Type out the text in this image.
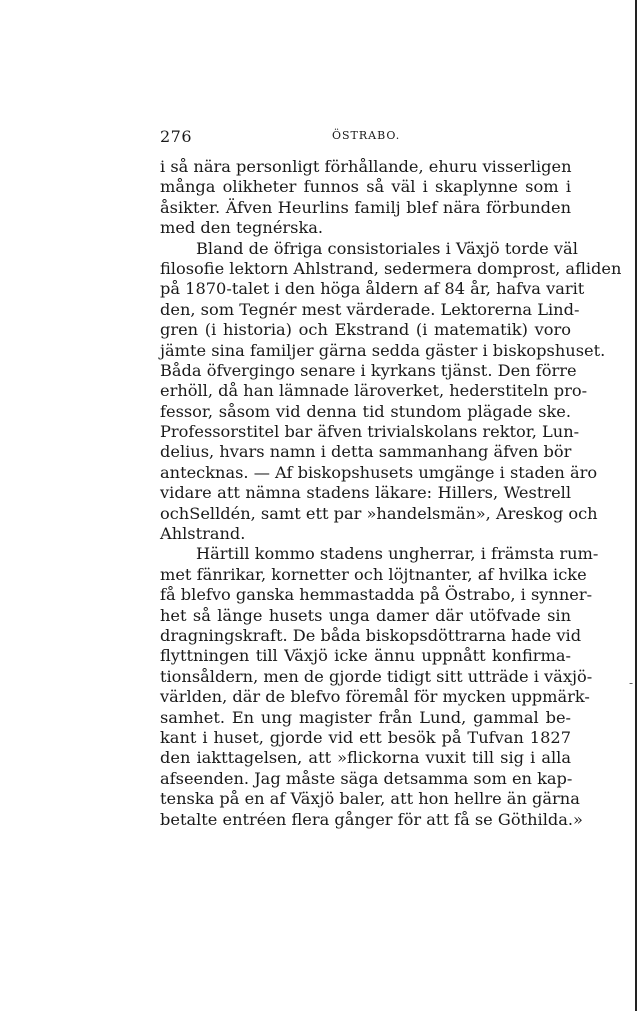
276	ÖSTRABO.
i så nära personligt förhållande, ehuru visserligen
många olikheter funnos så väl i skaplynne som i
åsikter. Äfven Heurlins familj blef nära förbunden
med den tegnérska.
Bland de öfriga consistoriales i Växjö torde väl
filosofie lektorn Ahlstrand, sedermera domprost, afliden
på 1870-talet i den höga åldern af 84 år, hafva varit
den, som Tegnér mest värderade. Lektorerna Lind-
gren (i historia) och Ekstrand (i matematik) voro
jämte sina familjer gärna sedda gäster i biskopshuset.
Båda öfvergingo senare i kyrkans tjänst. Den förre
erhöll, då han lämnade läroverket, hederstiteln pro-
fessor, såsom vid denna tid stundom plägade ske.
Professorstitel bar äfven trivialskolans rektor, Lun-
delius, hvars namn i detta sammanhang äfven bör
antecknas. — Af biskopshusets umgänge i staden äro
vidare att nämna stadens läkare: Hillers, Westrell
ochSelldén, samt ett par »handelsmän», Areskog och
Ahlstrand.
Härtill kommo stadens ungherrar, i främsta rum-
met fänrikar, kornetter och löjtnanter, af hvilka icke
få blefvo ganska hemmastadda på Östrabo, i synner-
het så länge husets unga damer där utöfvade sin
dragningskraft. De båda biskopsdöttrarna hade vid
flyttningen till Växjö icke ännu uppnått konfirma-
tionsåldern, men de gjorde tidigt sitt utträde i växjö-
världen, där de blefvo föremål för mycken uppmärk-
samhet. En ung magister från Lund, gammal be-
kant i huset, gjorde vid ett besök på Tufvan 1827
den iakttagelsen, att »flickorna vuxit till sig i alla
afseenden. Jag måste säga detsamma som en kap-
tenska på en af Växjö baler, att hon hellre än gärna
betalte entréen flera gånger för att få se Göthilda.»
-
